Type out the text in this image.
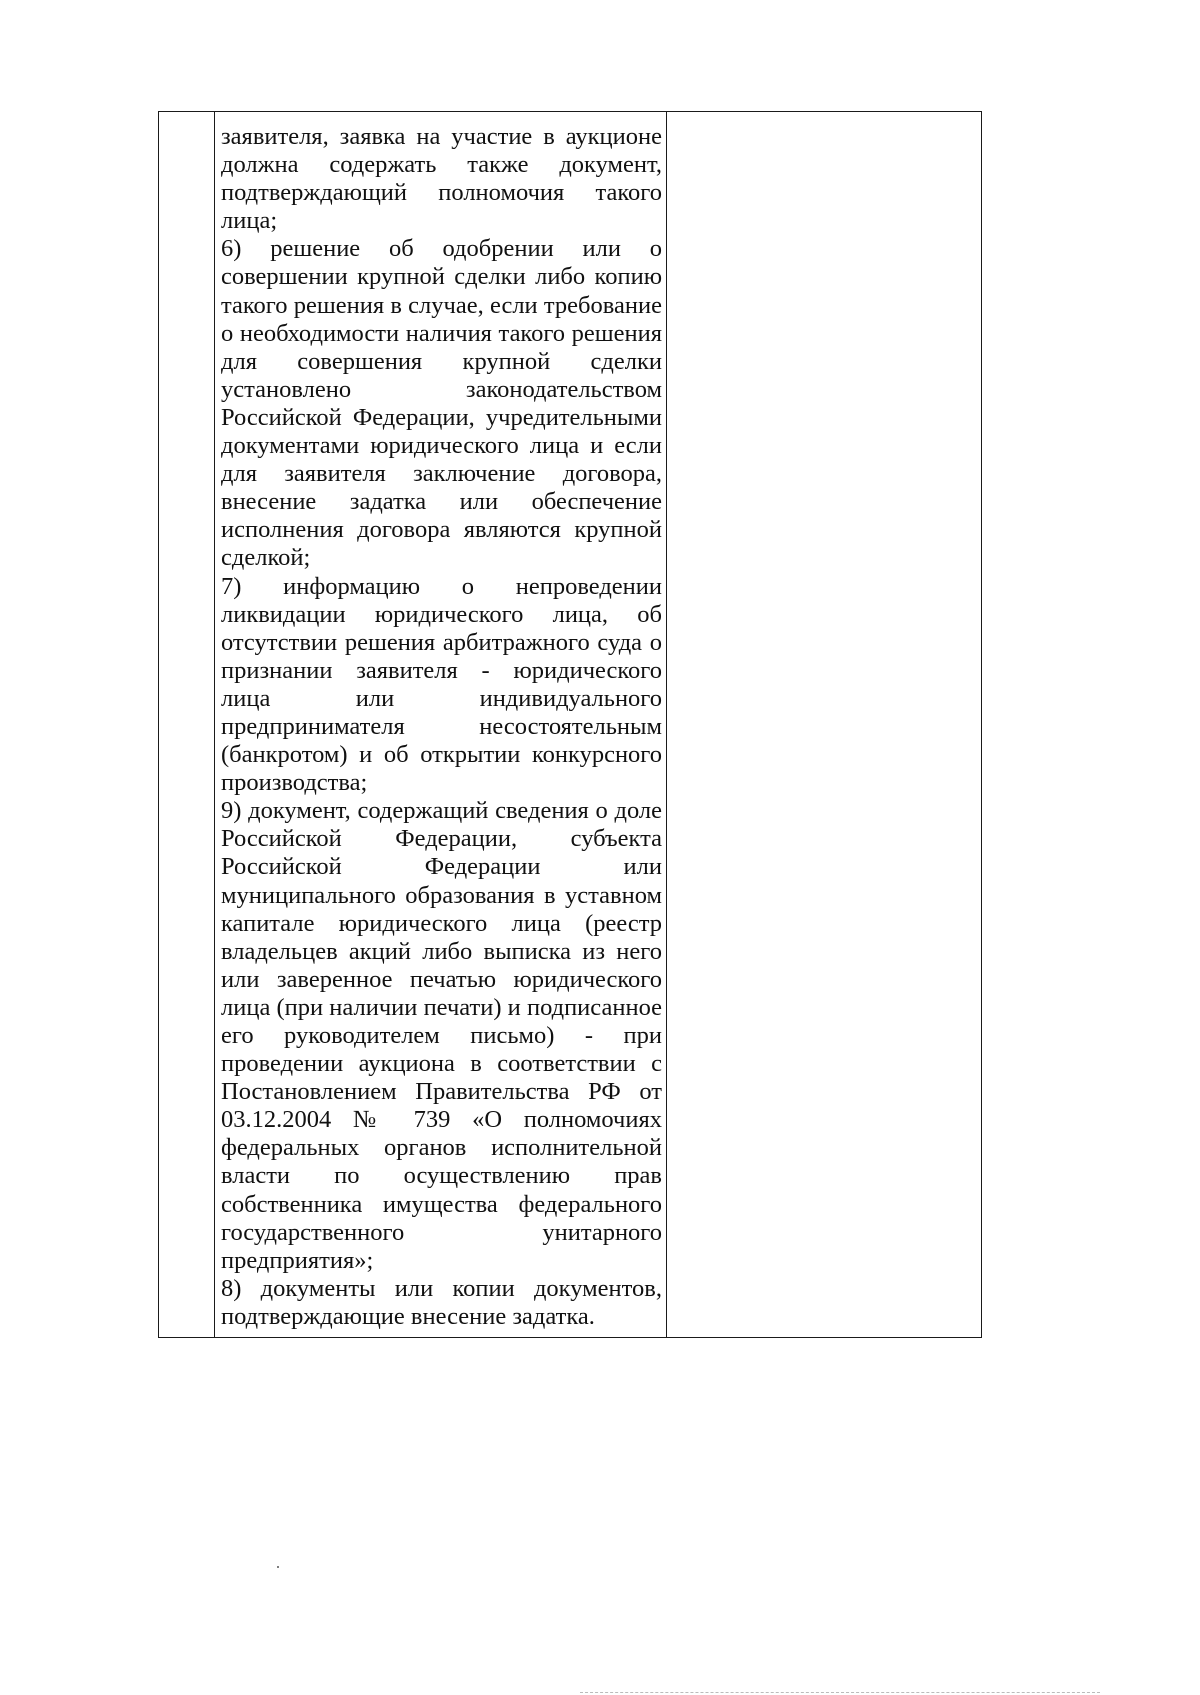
заявителя, заявка на участие в аукционе должна содержать также документ, подтверждающий полномочия такого лица;

6) решение об одобрении или о совершении крупной сделки либо копию такого решения в случае, если требование о необходимости наличия такого решения для совершения крупной сделки установлено законодательством Российской Федерации, учредительными документами юридического лица и если для заявителя заключение договора, внесение задатка или обеспечение исполнения договора являются крупной сделкой;

7) информацию о непроведении ликвидации юридического лица, об отсутствии решения арбитражного суда о признании заявителя - юридического лица или индивидуального предпринимателя несостоятельным (банкротом) и об открытии конкурсного производства;

9) документ, содержащий сведения о доле Российской Федерации, субъекта Российской Федерации или муниципального образования в уставном капитале юридического лица (реестр владельцев акций либо выписка из него или заверенное печатью юридического лица (при наличии печати) и подписанное его руководителем письмо) - при проведении аукциона в соответствии с Постановлением Правительства РФ от 03.12.2004 № 739 «О полномочиях федеральных органов исполнительной власти по осуществлению прав собственника имущества федерального государственного унитарного предприятия»;

8) документы или копии документов, подтверждающие внесение задатка.
